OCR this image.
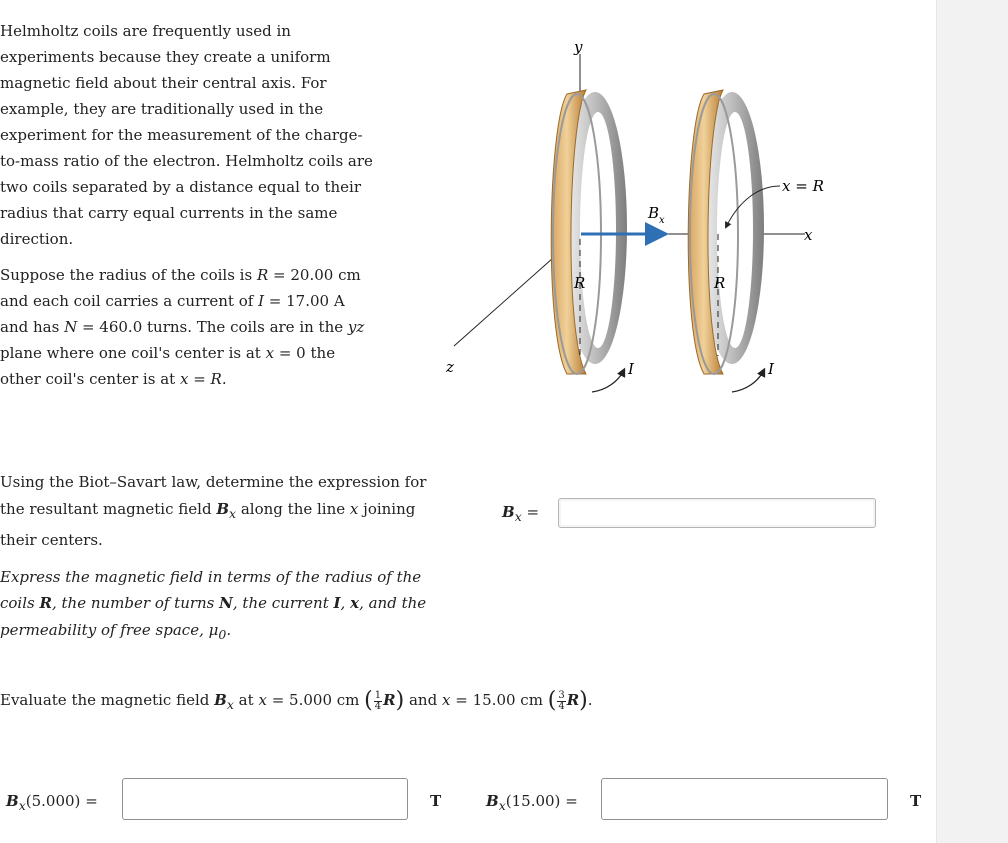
Helmholtz coils are frequently used in experiments because they create a uniform magnetic field about their central axis. For example, they are traditionally used in the experiment for the measurement of the charge-to-mass ratio of the electron. Helmholtz coils are two coils separated by a distance equal to their radius that carry equal currents in the same direction.

Suppose the radius of the coils is R = 20.00 cm and each coil carries a current of I = 17.00 A and has N = 460.0 turns. The coils are in the yz plane where one coil's center is at x = 0 the other coil's center is at x = R.

y
z
x
R	R
$B_x$
x = R
I	I

Using the Biot–Savart law, determine the expression for the resultant magnetic field $B_x$ along the line x joining their centers.

Express the magnetic field in terms of the radius of the coils R, the number of turns N, the current I, x, and the permeability of free space, $\mu_0$.

$B_x$ =
Evaluate the magnetic field $B_x$ at x = 5.000 cm ( $\frac{1}{4} R$) and x = 15.00 cm ( $\frac{3}{4} R$).
$B_x(5.000)$ =	T	$B_x(15.00)$ =	T
